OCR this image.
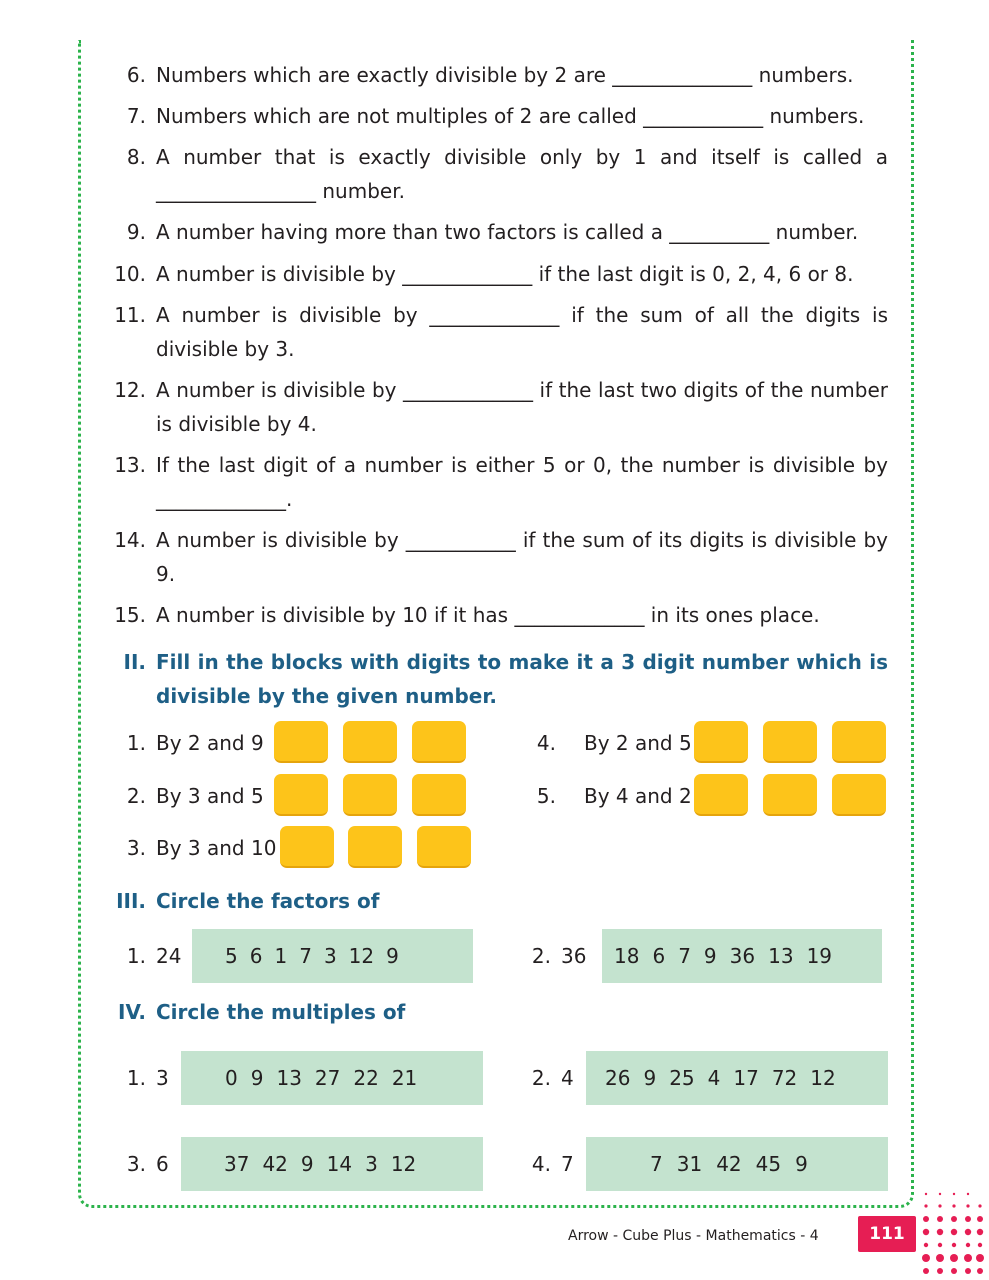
6. Numbers which are exactly divisible by 2 are ______________ numbers.
7. Numbers which are not multiples of 2 are called ____________ numbers.
8. A number that is exactly divisible only by 1 and itself is called a ________________ number.
9. A number having more than two factors is called a __________ number.
10. A number is divisible by _____________ if the last digit is 0, 2, 4, 6 or 8.
11. A number is divisible by _____________ if the sum of all the digits is divisible by 3.
12. A number is divisible by _____________ if the last two digits of the number is divisible by 4.
13. If the last digit of a number is either 5 or 0, the number is divisible by _____________.
14. A number is divisible by ___________ if the sum of its digits is divisible by 9.
15. A number is divisible by 10 if it has _____________ in its ones place.
II. Fill in the blocks with digits to make it a 3 digit number which is divisible by the given number.
1. By 2 and 9
2. By 3 and 5
3. By 3 and 10
4. By 2 and 5
5. By 4 and 2
III. Circle the factors of
1. 24	5 6 1 7 3 12 9	2. 36	18 6 7 9 36 13 19
IV. Circle the multiples of
1. 3	0 9 13 27 22 21	2. 4	26 9 25 4 17 72 12
3. 6	37 42 9 14 3 12	4. 7	7 31 42 45 9
Arrow - Cube Plus - Mathematics - 4	111
